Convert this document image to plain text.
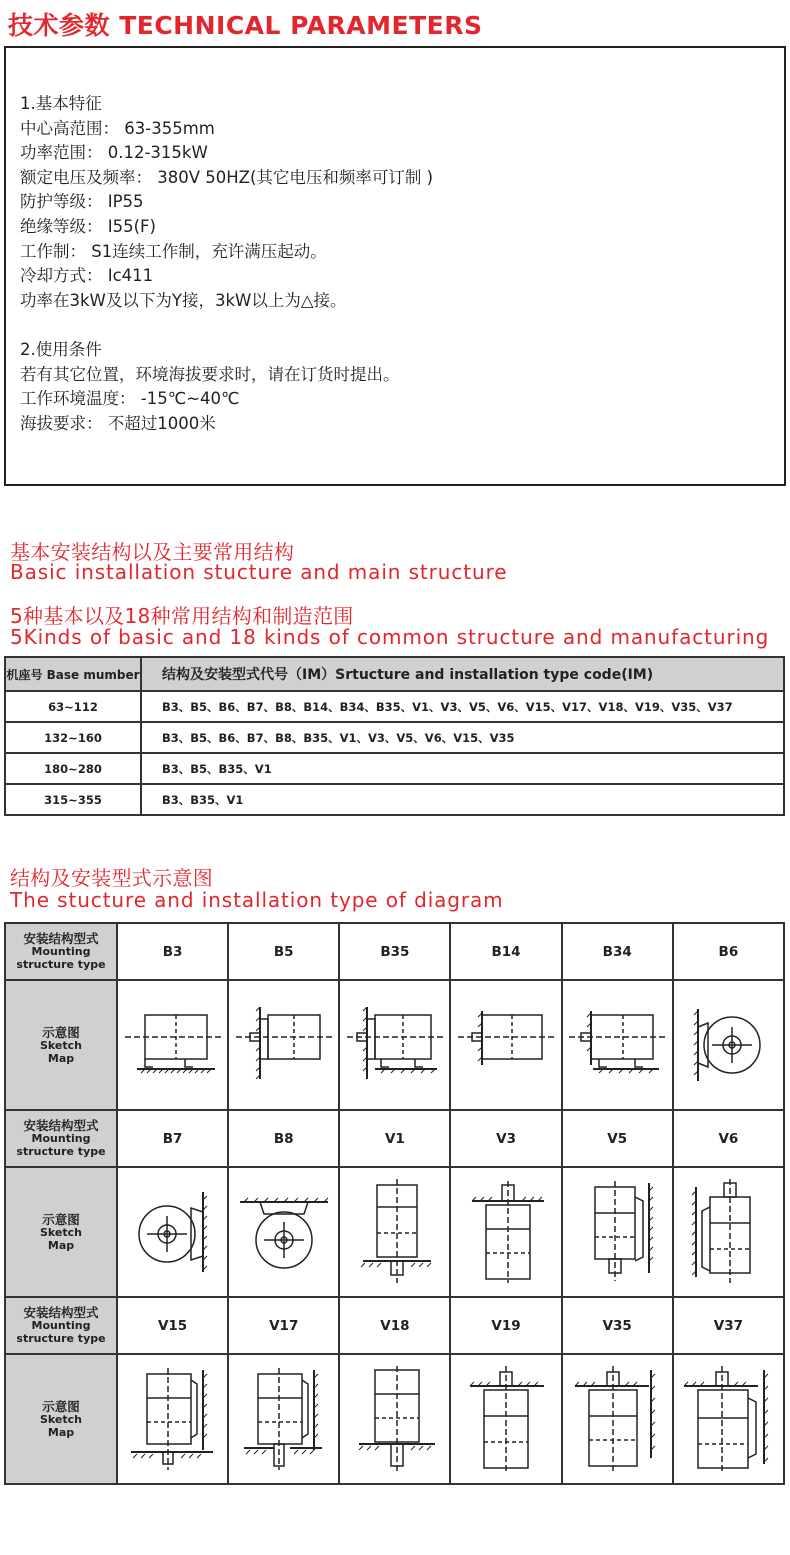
技术参数 TECHNICAL PARAMETERS
1.基本特征
中心高范围： 63-355mm
功率范围： 0.12-315kW
额定电压及频率： 380V 50HZ(其它电压和频率可订制 )
防护等级： IP55
绝缘等级： I55(F)
工作制： S1连续工作制，充许满压起动。
冷却方式： Ic411
功率在3kW及以下为Y接，3kW以上为△接。
2.使用条件
若有其它位置，环境海拔要求时，请在订货时提出。
工作环境温度： -15℃~40℃
海拔要求： 不超过1000米
基本安装结构以及主要常用结构
Basic installation stucture and main structure
5种基本以及18种常用结构和制造范围
5Kinds of basic and 18 kinds of common structure and manufacturing
机座号 Base mumber	结构及安装型式代号（IM）Srtucture and installation type code(IM)
63~112	B3、B5、B6、B7、B8、B14、B34、B35、V1、V3、V5、V6、V15、V17、V18、V19、V35、V37
132~160	B3、B5、B6、B7、B8、B35、V1、V3、V5、V6、V15、V35
180~280	B3、B5、B35、V1
315~355	B3、B35、V1
结构及安装型式示意图
The stucture and installation type of diagram
安装结构型式
Mounting
structure type	B3	B5	B35	B14	B34	B6

示意图
Sketch
Map

安装结构型式
Mounting
structure type	B7	B8	V1	V3	V5	V6

示意图
Sketch
Map

安装结构型式
Mounting
structure type	V15	V17	V18	V19	V35	V37

示意图
Sketch
Map
